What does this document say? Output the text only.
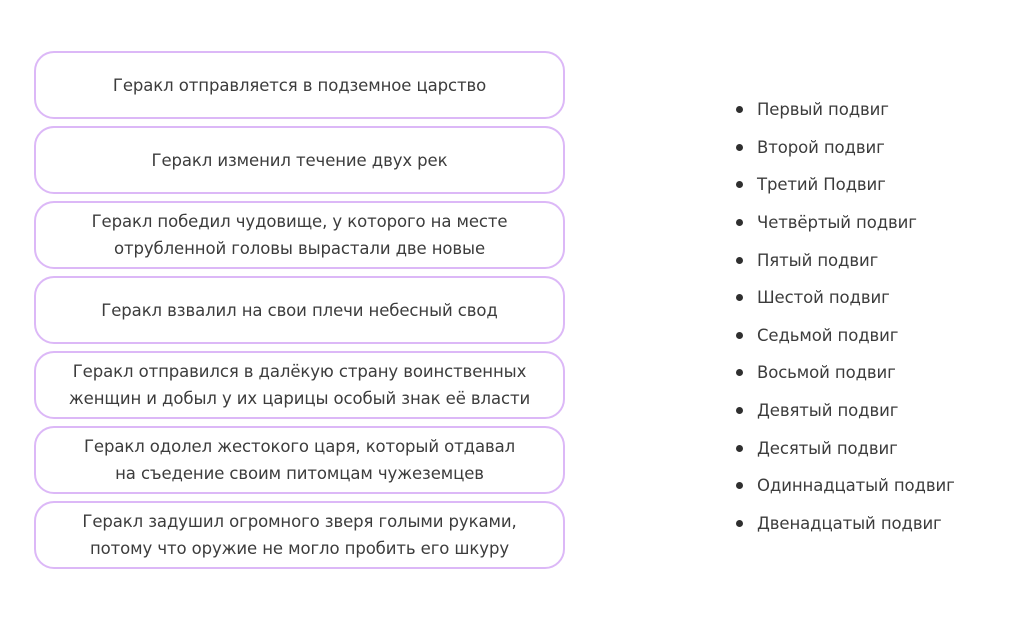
Геракл отправляется в подземное царство
Геракл изменил течение двух рек
Геракл победил чудовище, у которого на месте отрубленной головы вырастали две новые
Геракл взвалил на свои плечи небесный свод
Геракл отправился в далёкую страну воинственных женщин и добыл у их царицы особый знак её власти
Геракл одолел жестокого царя, который отдавал на съедение своим питомцам чужеземцев
Геракл задушил огромного зверя голыми руками, потому что оружие не могло пробить его шкуру
Первый подвиг
Второй подвиг
Третий Подвиг
Четвёртый подвиг
Пятый подвиг
Шестой подвиг
Седьмой подвиг
Восьмой подвиг
Девятый подвиг
Десятый подвиг
Одиннадцатый подвиг
Двенадцатый подвиг
